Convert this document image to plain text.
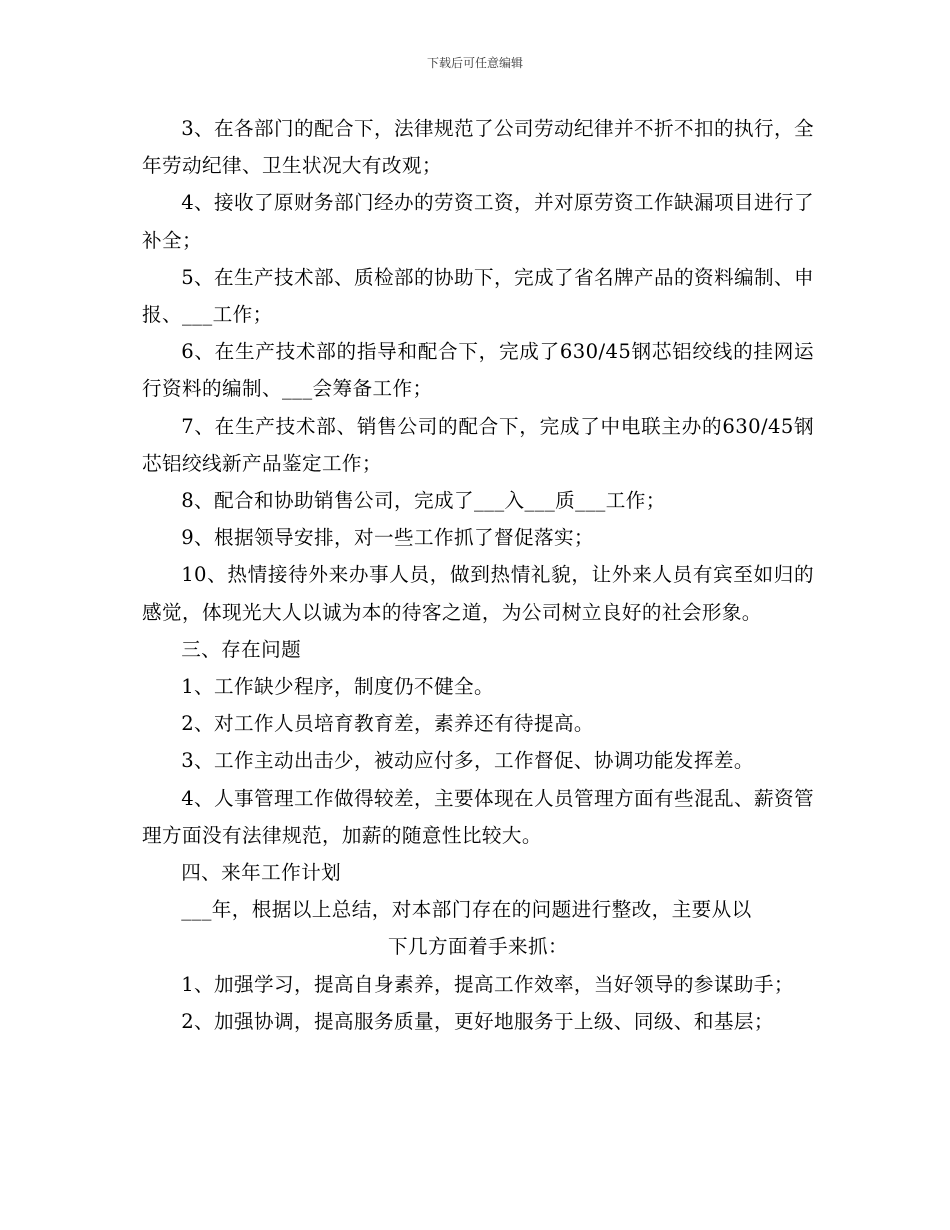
下载后可任意编辑

3、在各部门的配合下，法律规范了公司劳动纪律并不折不扣的执行，全年劳动纪律、卫生状况大有改观；

4、接收了原财务部门经办的劳资工资，并对原劳资工作缺漏项目进行了补全；

5、在生产技术部、质检部的协助下，完成了省名牌产品的资料编制、申报、___工作；

6、在生产技术部的指导和配合下，完成了630/45钢芯铝绞线的挂网运行资料的编制、___会筹备工作；

7、在生产技术部、销售公司的配合下，完成了中电联主办的630/45钢芯铝绞线新产品鉴定工作；

8、配合和协助销售公司，完成了___入___质___工作；

9、根据领导安排，对一些工作抓了督促落实；

10、热情接待外来办事人员，做到热情礼貌，让外来人员有宾至如归的感觉，体现光大人以诚为本的待客之道，为公司树立良好的社会形象。

三、存在问题

1、工作缺少程序，制度仍不健全。

2、对工作人员培育教育差，素养还有待提高。

3、工作主动出击少，被动应付多，工作督促、协调功能发挥差。

4、人事管理工作做得较差，主要体现在人员管理方面有些混乱、薪资管理方面没有法律规范，加薪的随意性比较大。

四、来年工作计划

___年，根据以上总结，对本部门存在的问题进行整改，主要从以

下几方面着手来抓：

1、加强学习，提高自身素养，提高工作效率，当好领导的参谋助手；

2、加强协调，提高服务质量，更好地服务于上级、同级、和基层；
